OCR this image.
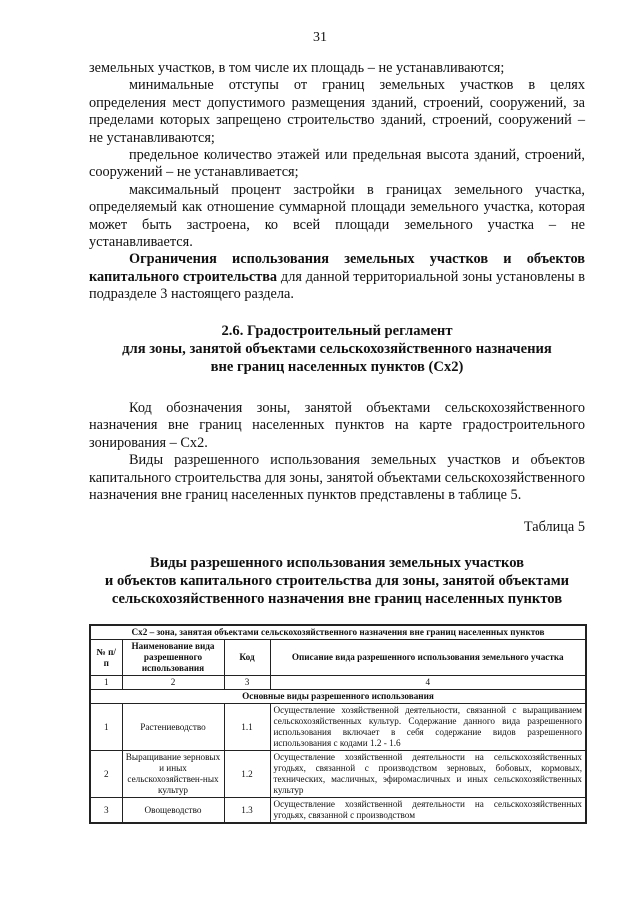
31

земельных участков, в том числе их площадь – не устанавливаются;

минимальные отступы от границ земельных участков в целях определения мест допустимого размещения зданий, строений, сооружений, за пределами которых запрещено строительство зданий, строений, сооружений – не устанавливаются;

предельное количество этажей или предельная высота зданий, строений, сооружений – не устанавливается;

максимальный процент застройки в границах земельного участка, определяемый как отношение суммарной площади земельного участка, которая может быть застроена, ко всей площади земельного участка – не устанавливается.

Ограничения использования земельных участков и объектов капитального строительства для данной территориальной зоны установлены в подразделе 3 настоящего раздела.

2.6. Градостроительный регламент
для зоны, занятой объектами сельскохозяйственного назначения
вне границ населенных пунктов (Сх2)

Код обозначения зоны, занятой объектами сельскохозяйственного назначения вне границ населенных пунктов на карте градостроительного зонирования – Сх2.

Виды разрешенного использования земельных участков и объектов капитального строительства для зоны, занятой объектами сельскохозяйственного назначения вне границ населенных пунктов представлены в таблице 5.

Таблица 5
Виды разрешенного использования земельных участков
и объектов капитального строительства для зоны, занятой объектами
сельскохозяйственного назначения вне границ населенных пунктов
Сх2 – зона, занятая объектами сельскохозяйственного назначения вне границ населенных пунктов			
№ п/п	Наименование вида разрешенного использования	Код	Описание вида разрешенного использования земельного участка
1	2	3	4
Основные виды разрешенного использования			
1	Растениеводство	1.1	Осуществление хозяйственной деятельности, связанной с выращиванием сельскохозяйственных культур. Содержание данного вида разрешенного использования включает в себя содержание видов разрешенного использования с кодами 1.2 - 1.6
2	Выращивание зерновых и иных сельскохозяйствен-ных культур	1.2	Осуществление хозяйственной деятельности на сельскохозяйственных угодьях, связанной с производством зерновых, бобовых, кормовых, технических, масличных, эфиромасличных и иных сельскохозяйственных культур
3	Овощеводство	1.3	Осуществление хозяйственной деятельности на сельскохозяйственных угодьях, связанной с производством
